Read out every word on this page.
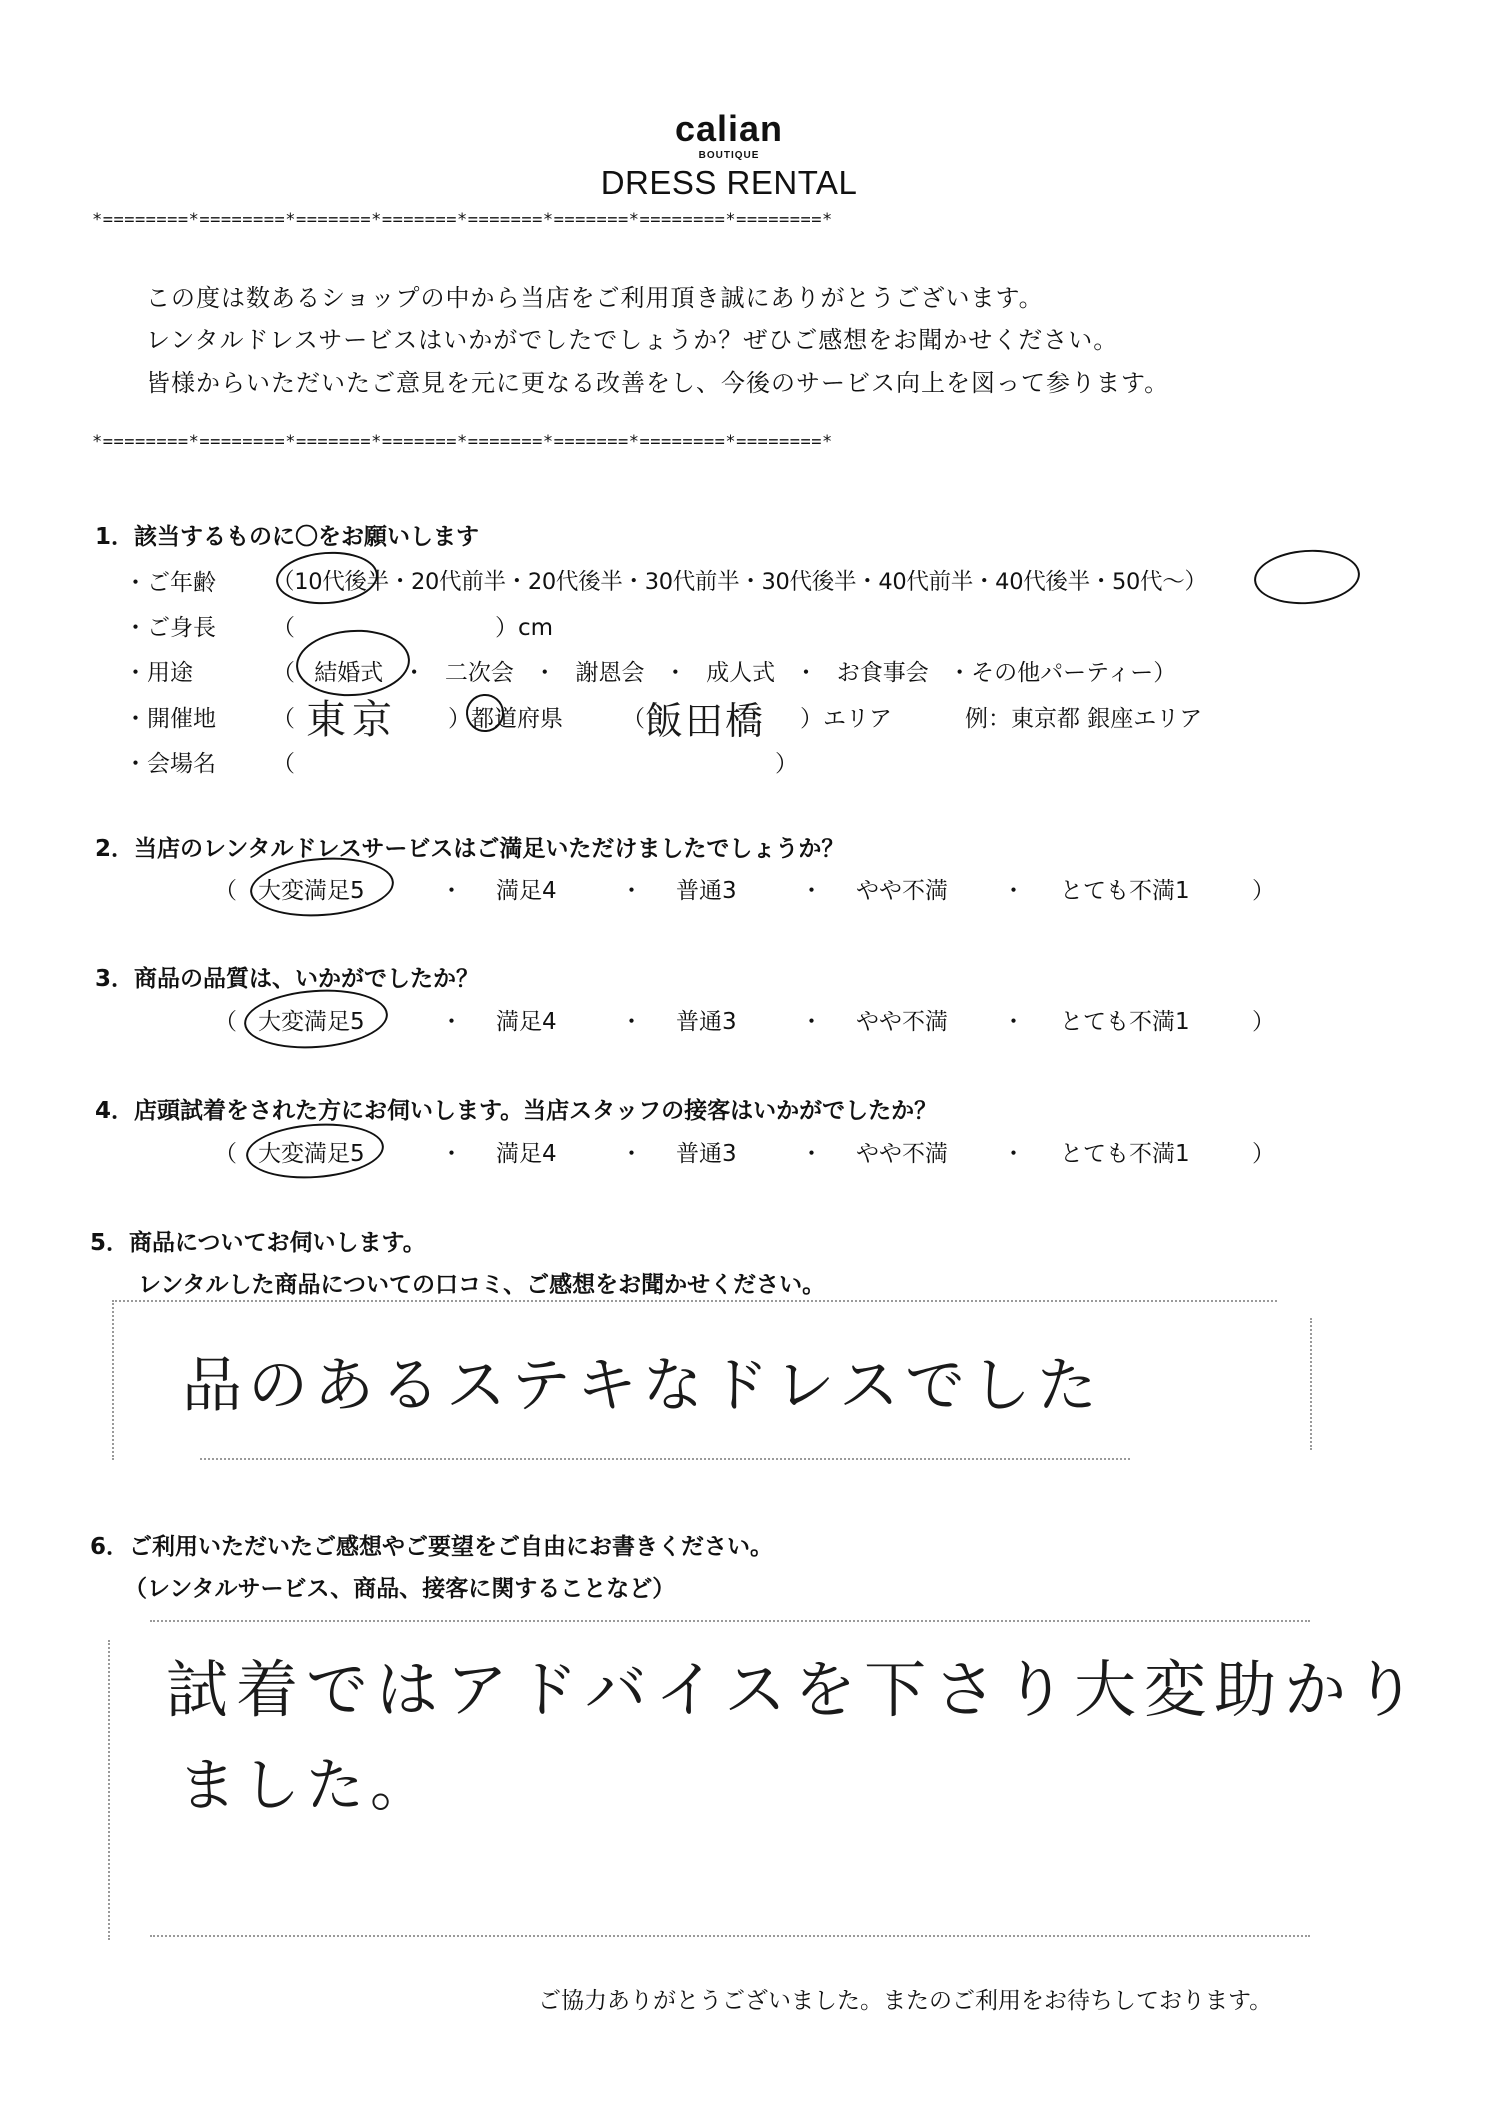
calian
BOUTIQUE
DRESS RENTAL
*========*========*=======*=======*=======*=======*========*========*
この度は数あるショップの中から当店をご利用頂き誠にありがとうございます。
レンタルドレスサービスはいかがでしたでしょうか？ぜひご感想をお聞かせください。
皆様からいただいたご意見を元に更なる改善をし、今後のサービス向上を図って参ります。
*========*========*=======*=======*=======*=======*========*========*
1．該当するものに〇をお願いします
・ご年齢 （10代後半・20代前半・20代後半・30代前半・30代後半・40代前半・40代後半・50代～）
・ご身長 （	）cm
・用途	（ 結婚式 ・ 二次会 ・ 謝恩会 ・ 成人式 ・ お食事会 ・その他パーティー）
・開催地 （ 東京 ）都道府県	（ 飯田橋 ）エリア	例：東京都 銀座エリア
・会場名 （	）
2．当店のレンタルドレスサービスはご満足いただけましたでしょうか？
（ 大変満足5	・ 満足4	・ 普通3	・ やや不満 ・ とても不満1	）
3．商品の品質は、いかがでしたか？
（ 大変満足5	・ 満足4	・ 普通3	・ やや不満 ・ とても不満1	）
4．店頭試着をされた方にお伺いします。当店スタッフの接客はいかがでしたか？
（ 大変満足5	・ 満足4	・ 普通3	・ やや不満 ・ とても不満1	）
5．商品についてお伺いします。
レンタルした商品についての口コミ、ご感想をお聞かせください。
品のあるステキなドレスでした
6．ご利用いただいたご感想やご要望をご自由にお書きください。
（レンタルサービス、商品、接客に関することなど）
試着ではアドバイスを下さり大変助かり
ました。
ご協力ありがとうございました。またのご利用をお待ちしております。
